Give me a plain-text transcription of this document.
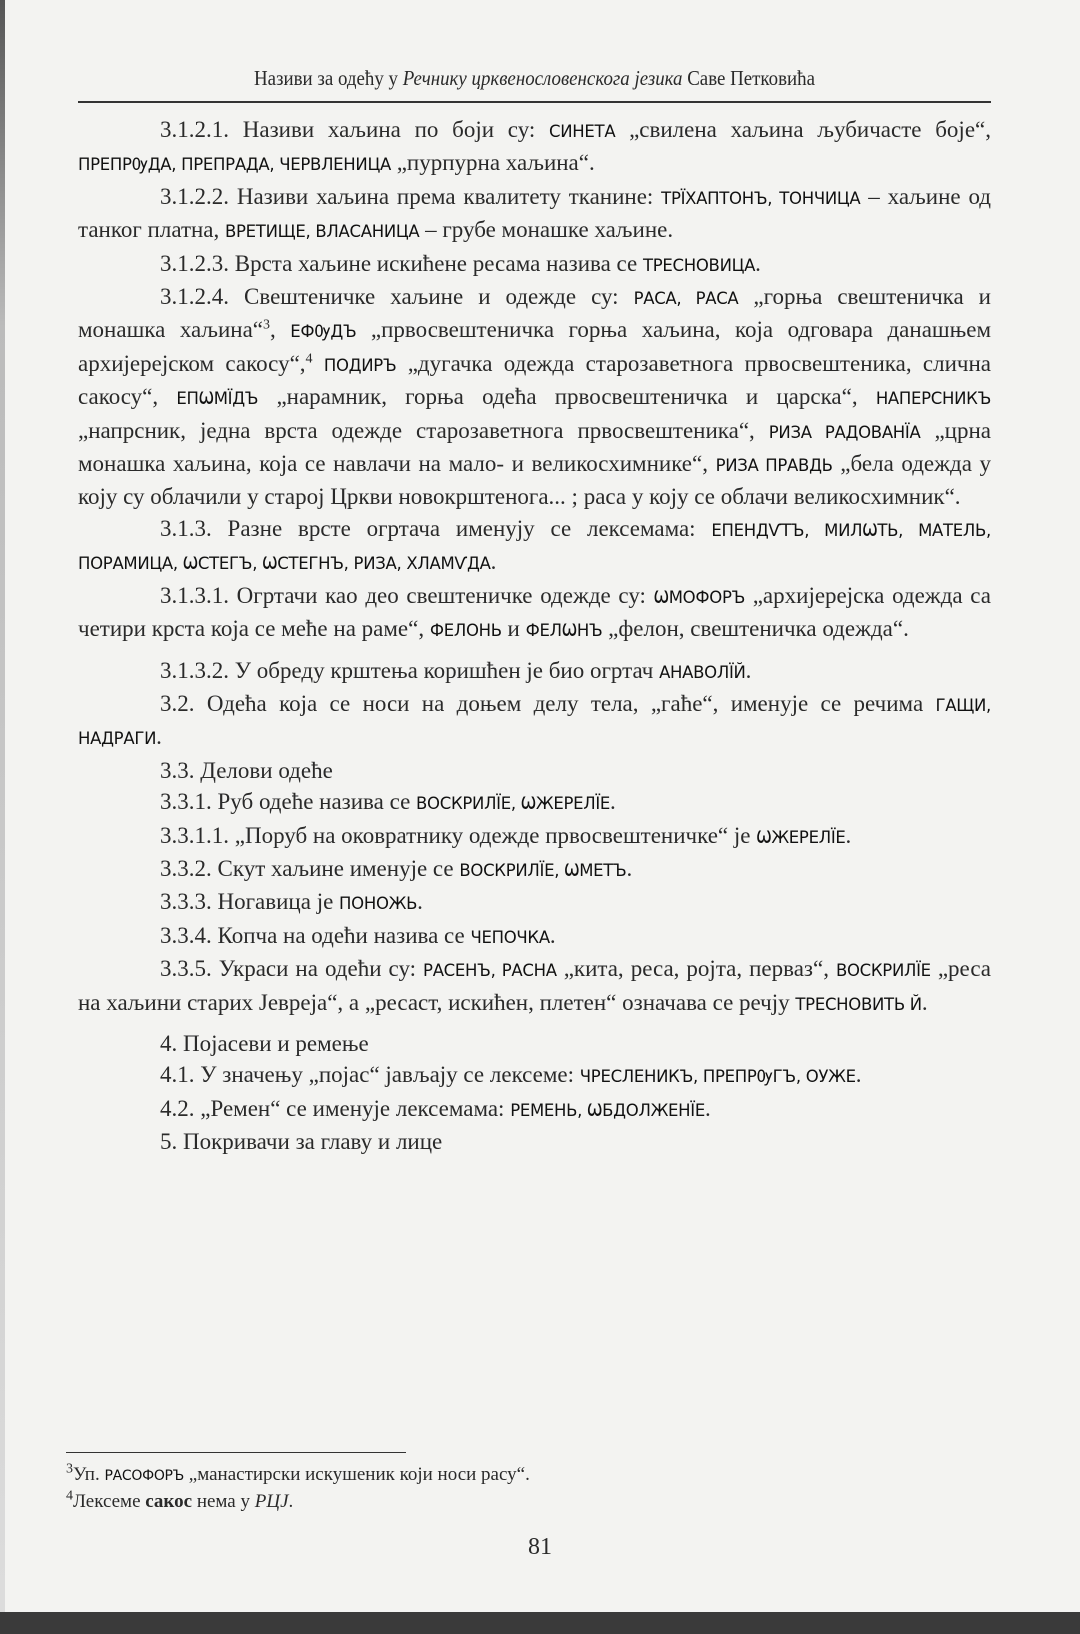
Називи за одећу у Речнику црквенословенскога језика Саве Петковића

3.1.2.1. Називи хаљина по боји су: СИНЕТА „свилена хаљина љубичасте боје“, ПРЕПРѸДА, ПРЕПРАДА, ЧЕРВЛЕНИЦА „пурпурна хаљина“.

3.1.2.2. Називи хаљина према квалитету тканине: ТРЇХАПТОНЪ, ТОНЧИЦА – хаљине од танког платна, ВРЕТИЩЕ, ВЛАСАНИЦА – грубе монашке хаљине.

3.1.2.3. Врста хаљине искићене ресама назива се ТРЕСНОВИЦА.

3.1.2.4. Свештеничке хаљине и одежде су: РАСА, РАСА „горња свештеничка и монашка хаљина“$^3$, ЕФѸДЪ „првосвештеничка горња хаљина, која одговара данашњем архијерејском сакосу“,$^4$ ПОДИРЪ „дугачка одежда старозаветнога првосвештеника, слична сакосу“, ЕПѠМЇДЪ „нарамник, горња одећа првосвештеничка и царска“, НАПЕРСНИКЪ „напрсник, једна врста одежде старозаветнога првосвештеника“, РИЗА РАДОВАНЇА „црна монашка хаљина, која се навлачи на мало- и великосхимнике“, РИЗА ПРАВДЬ „бела одежда у коју су облачили у старој Цркви новокрштенога... ; раса у коју се облачи великосхимник“.

3.1.3. Разне врсте огртача именују се лексемама: ЕПЕНДѴТЪ, МИЛѠТЬ, МАТЕЛЬ, ПОРАМИЦА, ѠСТЕГЪ, ѠСТЕГНЪ, РИЗА, ХЛАМѴДА.

3.1.3.1. Огртачи као део свештеничке одежде су: ѠМОФОРЪ „архијерејска одежда са четири крста која се меће на раме“, ФЕЛОНЬ и ФЕЛѠНЪ „фелон, свештеничка одежда“.

3.1.3.2. У обреду крштења коришћен је био огртач АНАВОЛЇЙ.

3.2. Одећа која се носи на доњем делу тела, „гаће“, именује се речима ГАЩИ, НАДРАГИ.

3.3. Делови одеће

3.3.1. Руб одеће назива се ВОСКРИЛЇЕ, ѠЖЕРЕЛЇЕ.

3.3.1.1. „Поруб на оковратнику одежде првосвештеничке“ је ѠЖЕРЕЛЇЕ.

3.3.2. Скут хаљине именује се ВОСКРИЛЇЕ, ѠМЕТЪ.

3.3.3. Ногавица је ПОНОЖЬ.

3.3.4. Копча на одећи назива се ЧЕПОЧКА.

3.3.5. Украси на одећи су: РАСЕНЪ, РАСНА „кита, реса, ројта, перваз“, ВОСКРИЛЇЕ „реса на хаљини старих Јевреја“, а „ресаст, искићен, плетен“ означава се речју ТРЕСНОВИТЬ Й.

4. Појасеви и ремење

4.1. У значењу „појас“ јављају се лексеме: ЧРЕСЛЕНИКЪ, ПРЕПРѸГЪ, ОУЖЕ.

4.2. „Ремен“ се именује лексемама: РЕМЕНЬ, ѠБДОЛЖЕНЇЕ.

5. Покривачи за главу и лице

$^3$Уп. РАСОФОРЪ „манастирски искушеник који носи расу“.
$^4$Лексеме сакос нема у РЦЈ.
81
